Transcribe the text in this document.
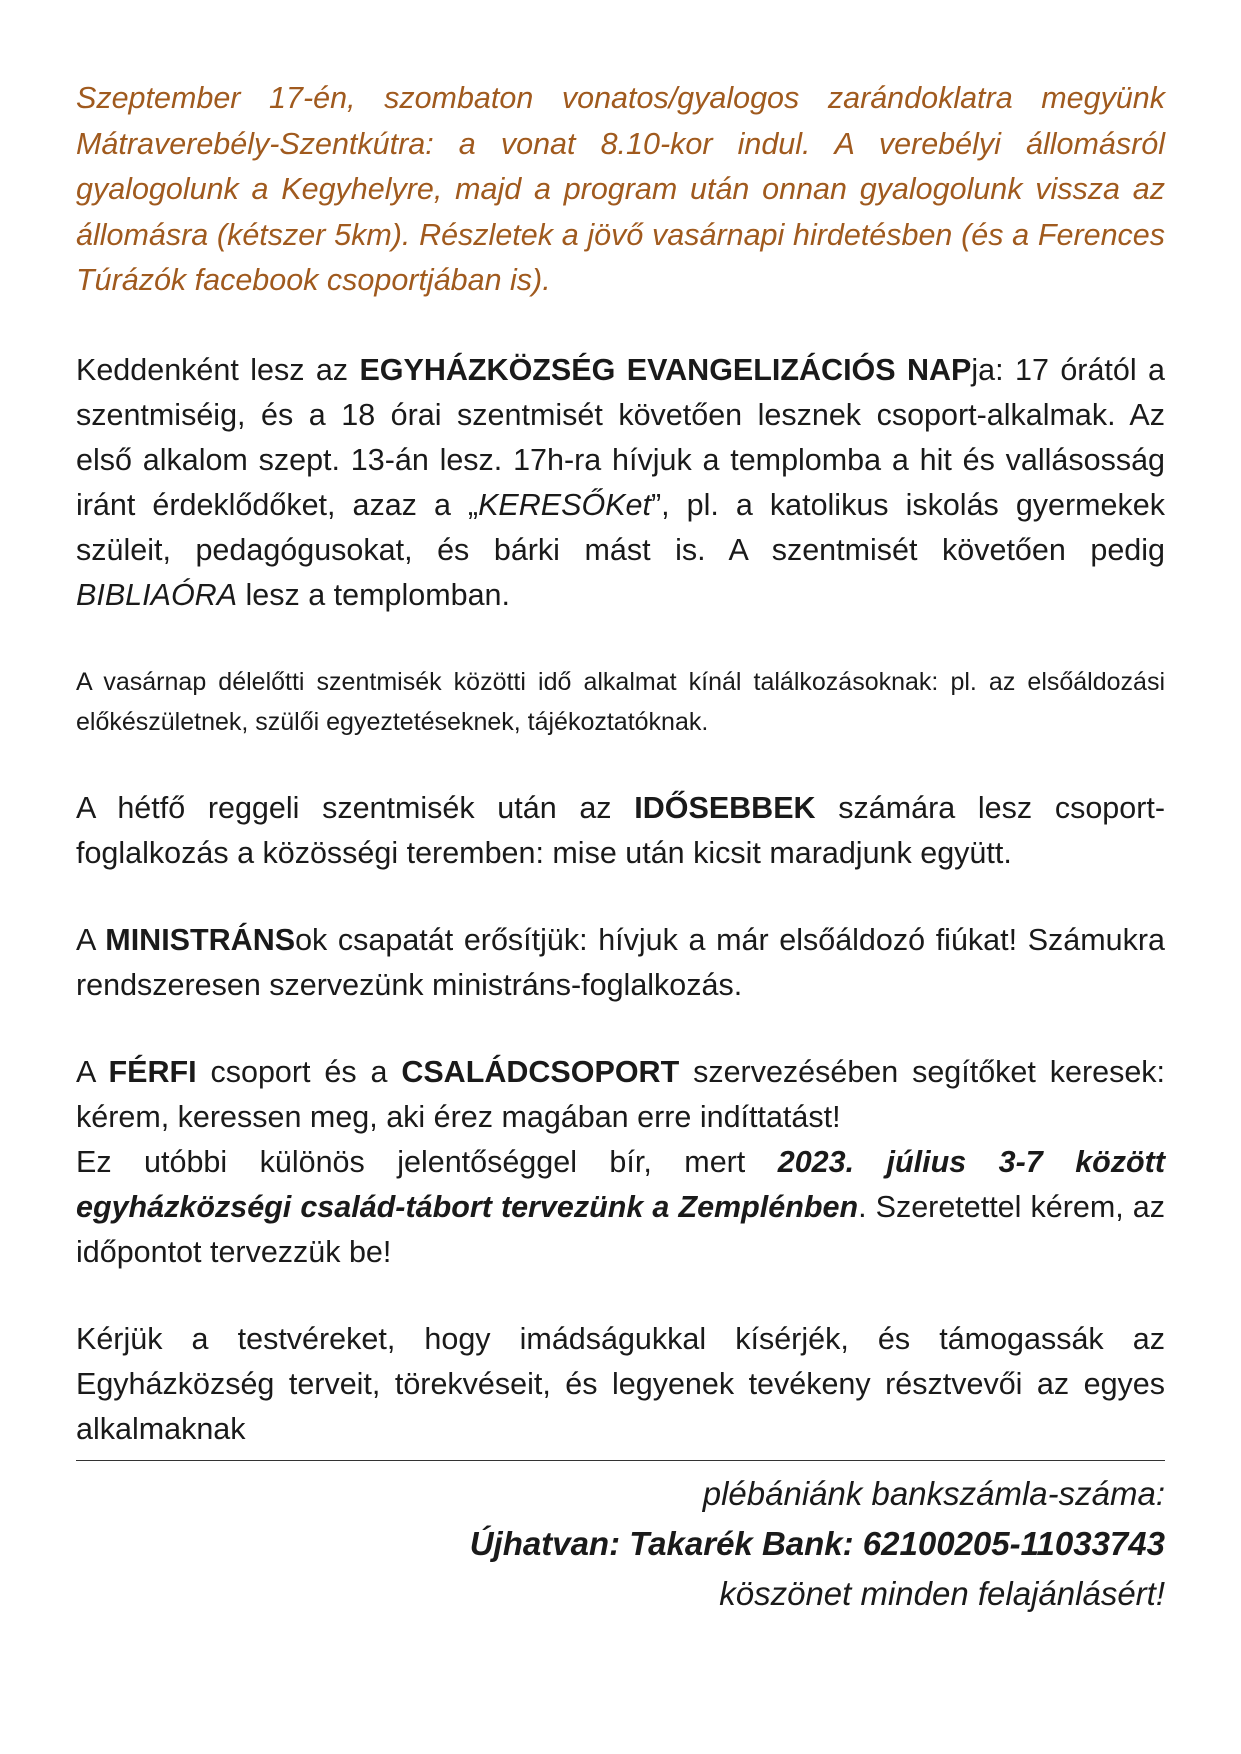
Szeptember 17-én, szombaton vonatos/gyalogos zarándoklatra megyünk Mátraverebély-Szentkútra: a vonat 8.10-kor indul. A verebélyi állomásról gyalogolunk a Kegyhelyre, majd a program után onnan gyalogolunk vissza az állomásra (kétszer 5km). Részletek a jövő vasárnapi hirdetésben (és a Ferences Túrázók facebook csoportjában is).

Keddenként lesz az EGYHÁZKÖZSÉG EVANGELIZÁCIÓS NAPja: 17 órától a szentmiséig, és a 18 órai szentmisét követően lesznek csoport-alkalmak. Az első alkalom szept. 13-án lesz. 17h-ra hívjuk a templomba a hit és vallásosság iránt érdeklődőket, azaz a „KERESŐKet”, pl. a katolikus iskolás gyermekek szüleit, pedagógusokat, és bárki mást is. A szentmisét követően pedig BIBLIAÓRA lesz a templomban.

A vasárnap délelőtti szentmisék közötti idő alkalmat kínál találkozásoknak: pl. az elsőáldozási előkészületnek, szülői egyeztetéseknek, tájékoztatóknak.

A hétfő reggeli szentmisék után az IDŐSEBBEK számára lesz csoport-foglalkozás a közösségi teremben: mise után kicsit maradjunk együtt.

A MINISTRÁNSok csapatát erősítjük: hívjuk a már elsőáldozó fiúkat! Számukra rendszeresen szervezünk ministráns-foglalkozás.

A FÉRFI csoport és a CSALÁDCSOPORT szervezésében segítőket keresek: kérem, keressen meg, aki érez magában erre indíttatást!

Ez utóbbi különös jelentőséggel bír, mert 2023. július 3-7 között egyházközségi család-tábort tervezünk a Zemplénben. Szeretettel kérem, az időpontot tervezzük be!

Kérjük a testvéreket, hogy imádságukkal kísérjék, és támogassák az Egyházközség terveit, törekvéseit, és legyenek tevékeny résztvevői az egyes alkalmaknak

plébániánk bankszámla-száma:
Újhatvan: Takarék Bank: 62100205-11033743
köszönet minden felajánlásért!
